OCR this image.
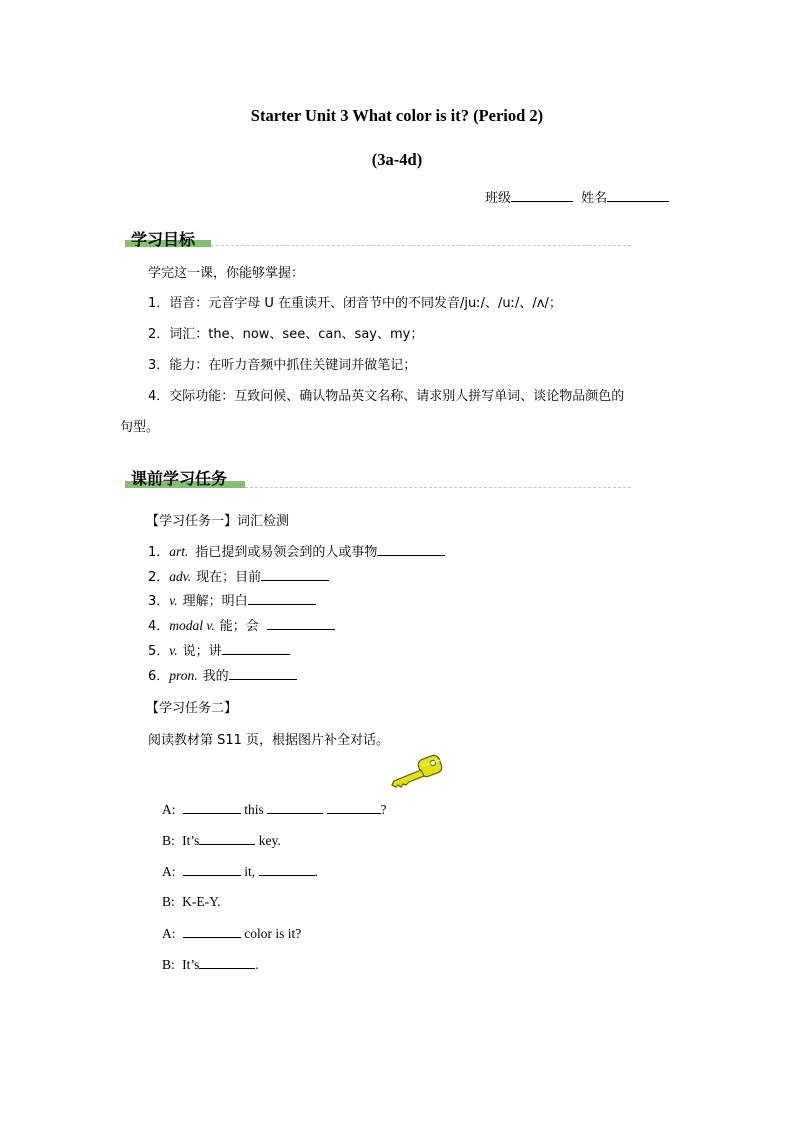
Starter Unit 3 What color is it? (Period 2)
(3a-4d)
班级	姓名
学习目标
学完这一课，你能够掌握：
1．语音：元音字母 U 在重读开、闭音节中的不同发音/juː/、/uː/、/ʌ/；
2．词汇：the、now、see、can、say、my；
3．能力：在听力音频中抓住关键词并做笔记；
4．交际功能：互致问候、确认物品英文名称、请求别人拼写单词、谈论物品颜色的
句型。
课前学习任务
【学习任务一】词汇检测
1．art. 指已提到或易领会到的人或事物
2．adv. 现在；目前
3．v. 理解；明白
4．modal v. 能；会
5．v. 说；讲
6．pron. 我的
【学习任务二】
阅读教材第 S11 页，根据图片补全对话。
A:	this	?
B: It’s	key.
A:	it,	.
B: K-E-Y.
A:	color is it?
B: It’s	.
